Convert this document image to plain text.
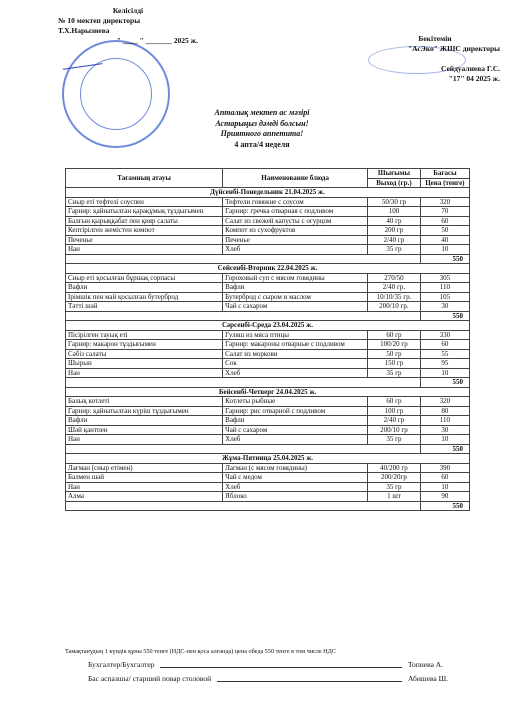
Келісілді
№ 10 мектеп директоры
Т.Х.Нарызнева
" ____ " _______ 2025 ж.	Бекітемін
"АсЭко" ЖШС директоры
Сейдуалиева Г.С.
"17" 04 2025 ж.
Апталық мектеп ас мәзірі
Астарыңыз дәмді болсын!
Приятного аппетита!
4 апта/4 неделя
Тағамның атауы	Наименование блюда	Шығымы	Бағасы
		Выход (гр.)	Цена (тенге)
Дүйсенбі-Понедельник 21.04.2025 ж.			
Сиыр еті тефтелі соуспен	Тефтели говяжие с соусом	50/30 гр	320
Гарнир: қайнатылған қарақұмық тұздығымен	Гарнир: гречка отварная с подливом	100	70
Балғын қырыққабат пен қияр салаты	Салат из свежей капусты с огурцом	40 гр	60
Кептірілген жемістен компот	Компот из сухофруктов	200 гр	50
Печенье	Печенье	2/40 гр	40
Нан	Хлеб	35 гр	10
			550
Сейсенбі-Вторник 22.04.2025 ж.			
Сиыр еті қосылған бұршақ сорпасы	Гороховый суп с мясом говядины	270/50	305
Вафли	Вафли	2/40 гр.	110
Ірімшік пен май қосылған бутерброд	Бутерброд с сыром и маслом	10/10/35 гр.	105
Тәтті шәй	Чай с сахаром	200/10 гр.	30
			550
Сәрсенбі-Среда 23.04.2025 ж.			
Пісірілген тауық еті	Гуляш из мяса птицы	60 гр	330
Гарнир: макарон тұздығымен	Гарнир: макароны отварные с подливом	100/20 гр	60
Сәбіз салаты	Салат из моркови	50 гр	55
Шырын	Сок	150 гр	95
Нан	Хлеб	35 гр	10
			550
Бейсенбі-Четверг 24.04.2025 ж.			
Балық котлеті	Котлеты рыбные	60 гр	320
Гарнир: қайнатылған күріш тұздығымен	Гарнир: рис отварной с подливом	100 гр	80
Вафли	Вафли	2/40 гр	110
Шәй қантпен	Чай с сахаром	200/10 гр	30
Нан	Хлеб	35 гр	10
			550
Жұма-Пятница 25.04.2025 ж.			
Лағман (сиыр етімен)	Лагман (с мясом говядины)	40/200 гр	390
Балмен шәй	Чай с медом	200/20гр	60
Нан	Хлеб	35 гр	10
Алма	Яблоко	1 шт	90
			550
Тамақтанудың 1 күндік құны 550 тенге (НДС-пен қоса алғанда) цена обеда 550 тенге в том числе НДС
Бухгалтер/Бухгалтер	Топиева А.
Бас аспазшы/ старший повар столовой	Абишева Ш.
